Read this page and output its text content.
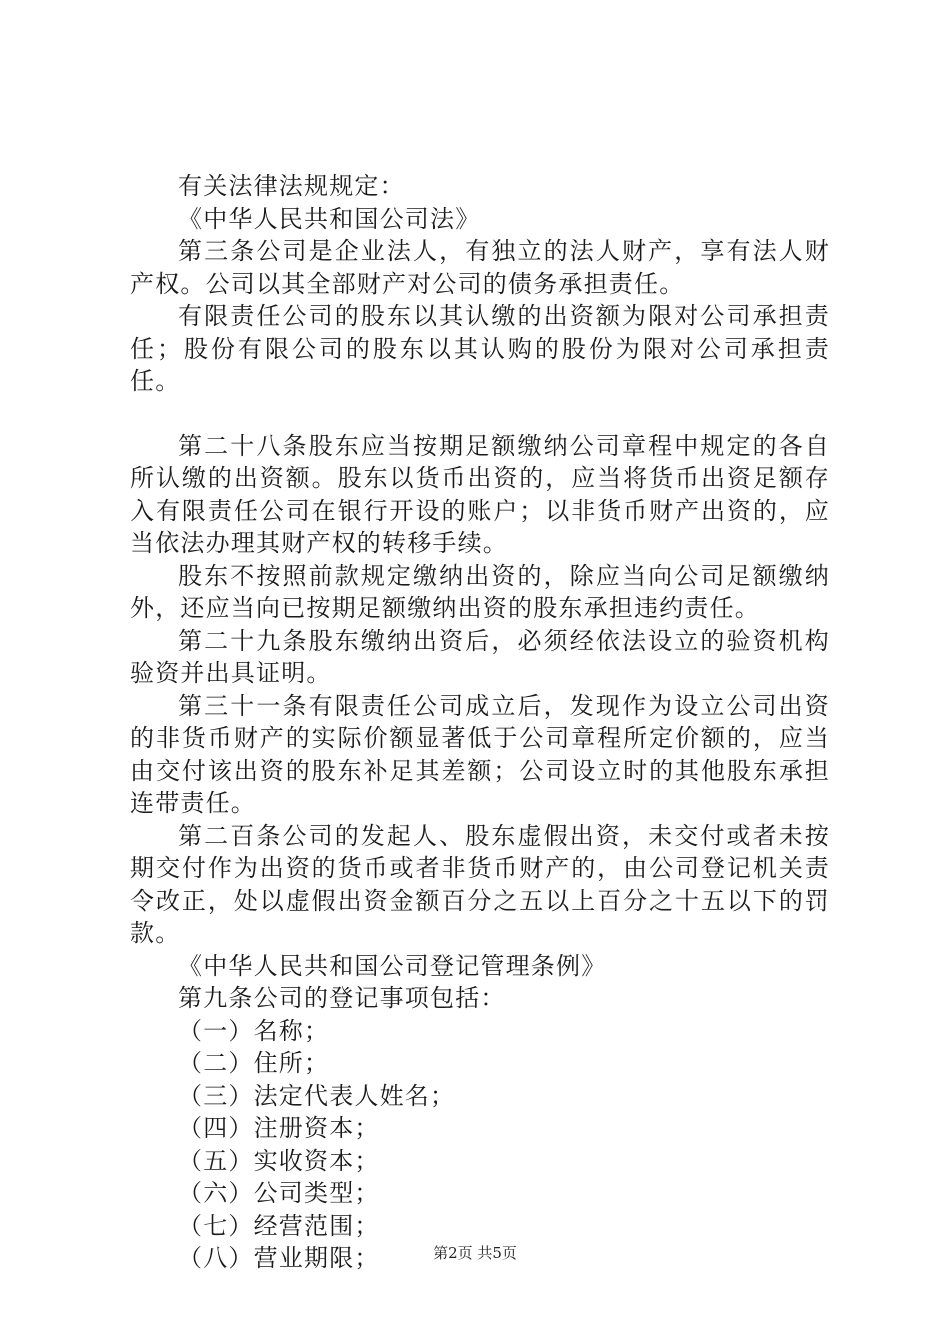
有关法律法规规定：

《中华人民共和国公司法》

第三条公司是企业法人，有独立的法人财产，享有法人财产权。公司以其全部财产对公司的债务承担责任。

有限责任公司的股东以其认缴的出资额为限对公司承担责任；股份有限公司的股东以其认购的股份为限对公司承担责任。

第二十八条股东应当按期足额缴纳公司章程中规定的各自所认缴的出资额。股东以货币出资的，应当将货币出资足额存入有限责任公司在银行开设的账户；以非货币财产出资的，应当依法办理其财产权的转移手续。

股东不按照前款规定缴纳出资的，除应当向公司足额缴纳外，还应当向已按期足额缴纳出资的股东承担违约责任。

第二十九条股东缴纳出资后，必须经依法设立的验资机构验资并出具证明。

第三十一条有限责任公司成立后，发现作为设立公司出资的非货币财产的实际价额显著低于公司章程所定价额的，应当由交付该出资的股东补足其差额；公司设立时的其他股东承担连带责任。

第二百条公司的发起人、股东虚假出资，未交付或者未按期交付作为出资的货币或者非货币财产的，由公司登记机关责令改正，处以虚假出资金额百分之五以上百分之十五以下的罚款。

《中华人民共和国公司登记管理条例》

第九条公司的登记事项包括：

（一）名称；

（二）住所；

（三）法定代表人姓名；

（四）注册资本；

（五）实收资本；

（六）公司类型；

（七）经营范围；

（八）营业期限；	第2页 共5页
